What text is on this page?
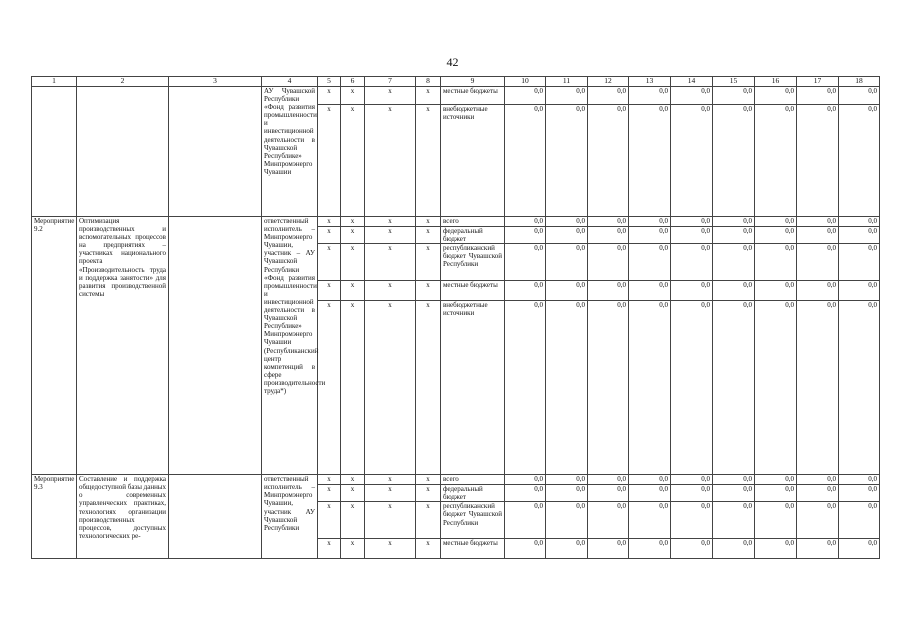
42
1	2	3	4	5	6	7	8	9	10	11	12	13	14	15	16	17	18
			АУ Чувашской Республики «Фонд развития промышленности и инвестиционной деятельности в Чувашской Республике» Минпромэнерго Чувашии	x	x	x	x	местные бюджеты	0,0	0,0	0,0	0,0	0,0	0,0	0,0	0,0	0,0
				x	x	x	x	внебюджетные источники	0,0	0,0	0,0	0,0	0,0	0,0	0,0	0,0	0,0
Мероприятие 9.2	Оптимизация производственных и вспомогательных процессов на предприятиях – участниках национального проекта «Производительность труда и поддержка занятости» для развития производственной системы		ответственный исполнитель – Минпромэнерго Чувашии, участник – АУ Чувашской Республики «Фонд развития промышленности и инвестиционной деятельности в Чувашской Республике» Минпромэнерго Чувашии (Республиканский центр компетенций в сфере производительности труда*)	x	x	x	x	всего	0,0	0,0	0,0	0,0	0,0	0,0	0,0	0,0	0,0
				x	x	x	x	федеральный бюджет	0,0	0,0	0,0	0,0	0,0	0,0	0,0	0,0	0,0
				x	x	x	x	республиканский бюджет Чувашской Республики	0,0	0,0	0,0	0,0	0,0	0,0	0,0	0,0	0,0
				x	x	x	x	местные бюджеты	0,0	0,0	0,0	0,0	0,0	0,0	0,0	0,0	0,0
				x	x	x	x	внебюджетные источники	0,0	0,0	0,0	0,0	0,0	0,0	0,0	0,0	0,0
Мероприятие 9.3	Составление и поддержка общедоступной базы данных о современных управленческих практиках, технологиях организации производственных процессов, доступных технологических ре-		ответственный исполнитель – Минпромэнерго Чувашии, участник АУ Чувашской Республики	x	x	x	x	всего	0,0	0,0	0,0	0,0	0,0	0,0	0,0	0,0	0,0
				x	x	x	x	федеральный бюджет	0,0	0,0	0,0	0,0	0,0	0,0	0,0	0,0	0,0
				x	x	x	x	республиканский бюджет Чувашской Республики	0,0	0,0	0,0	0,0	0,0	0,0	0,0	0,0	0,0
				x	x	x	x	местные бюджеты	0,0	0,0	0,0	0,0	0,0	0,0	0,0	0,0	0,0
